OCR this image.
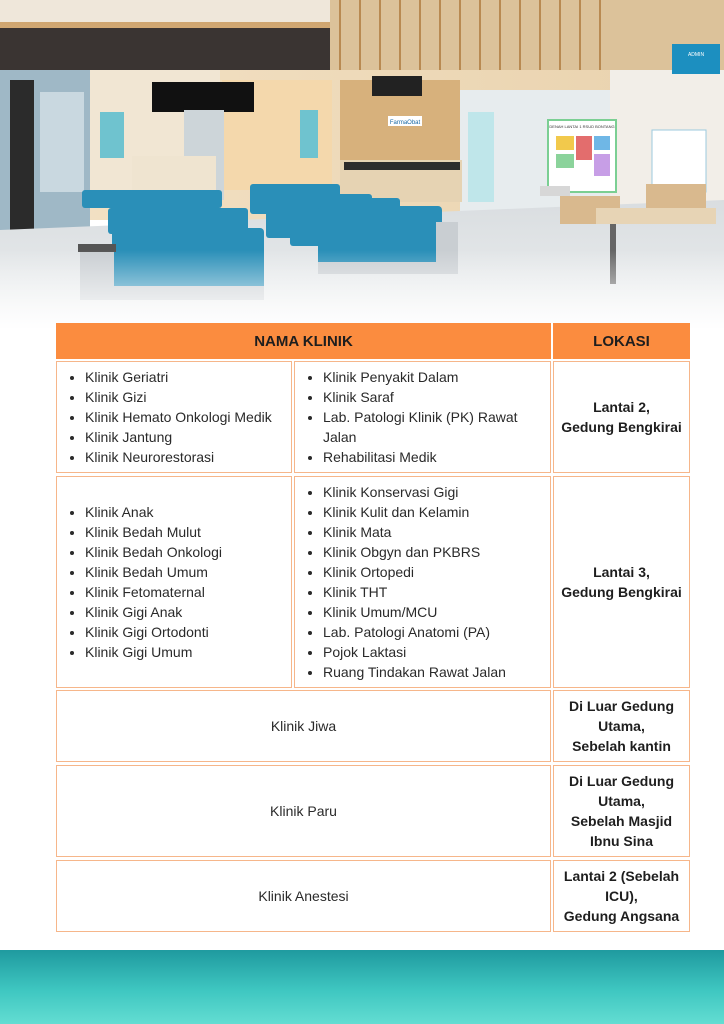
ADMIN
FarmaObat
DENAH LANTAI 1 RSUD BONTANG
NAMA KLINIK	LOKASI
• Klinik Geriatri
• Klinik Gizi
• Klinik Hemato Onkologi Medik
• Klinik Jantung
• Klinik Neurorestorasi
• Klinik Penyakit Dalam
• Klinik Saraf
• Lab. Patologi Klinik (PK) Rawat Jalan
• Rehabilitasi Medik
Lantai 2,
Gedung Bengkirai
• Klinik Anak
• Klinik Bedah Mulut
• Klinik Bedah Onkologi
• Klinik Bedah Umum
• Klinik Fetomaternal
• Klinik Gigi Anak
• Klinik Gigi Ortodonti
• Klinik Gigi Umum
• Klinik Konservasi Gigi
• Klinik Kulit dan Kelamin
• Klinik Mata
• Klinik Obgyn dan PKBRS
• Klinik Ortopedi
• Klinik THT
• Klinik Umum/MCU
• Lab. Patologi Anatomi (PA)
• Pojok Laktasi
• Ruang Tindakan Rawat Jalan
Lantai 3,
Gedung Bengkirai
Klinik Jiwa
Di Luar Gedung
Utama,
Sebelah kantin
Klinik Paru
Di Luar Gedung
Utama,
Sebelah Masjid
Ibnu Sina
Klinik Anestesi
Lantai 2 (Sebelah
ICU),
Gedung Angsana
